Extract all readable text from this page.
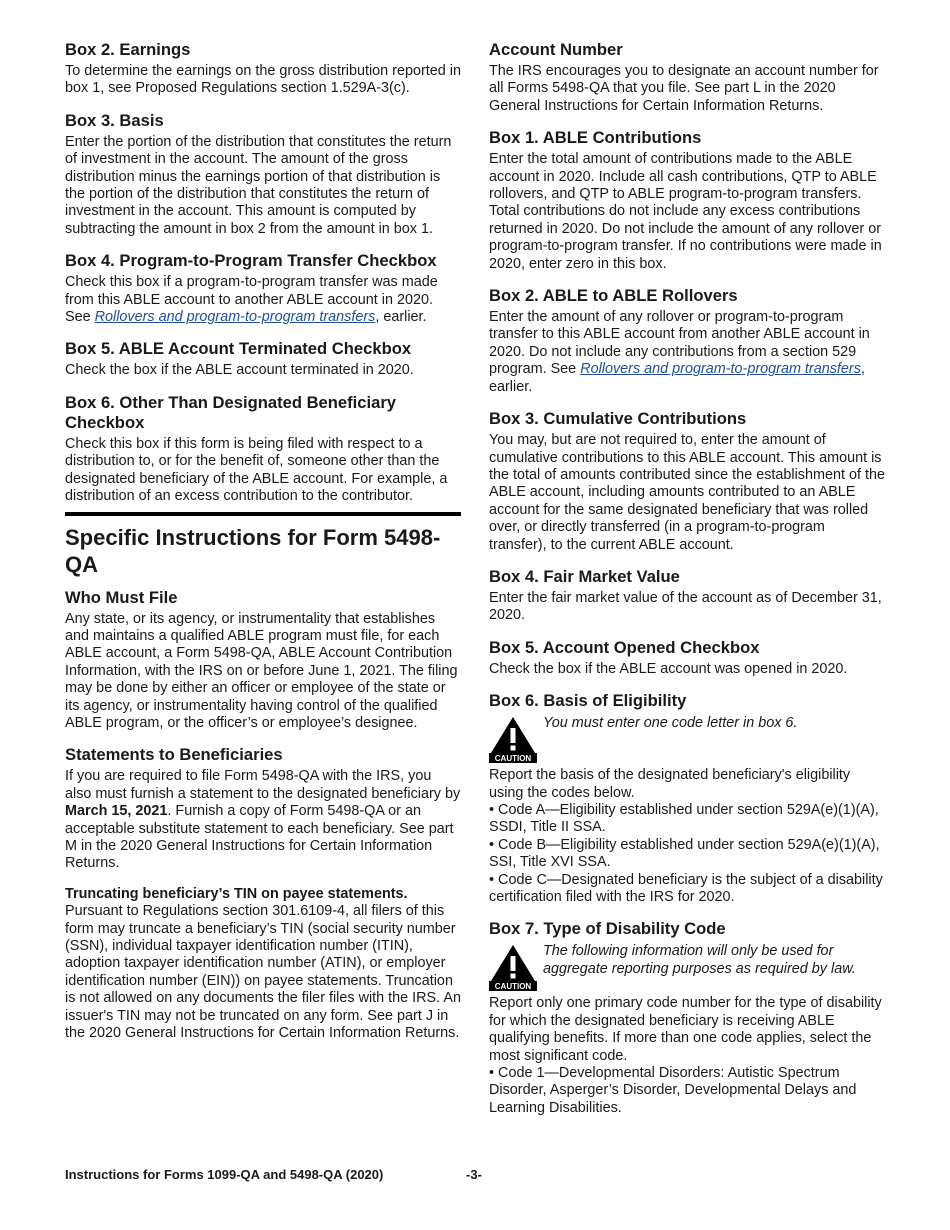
Box 2. Earnings

To determine the earnings on the gross distribution reported in box 1, see Proposed Regulations section 1.529A-3(c).

Box 3. Basis

Enter the portion of the distribution that constitutes the return of investment in the account. The amount of the gross distribution minus the earnings portion of that distribution is the portion of the distribution that constitutes the return of investment in the account. This amount is computed by subtracting the amount in box 2 from the amount in box 1.

Box 4. Program-to-Program Transfer Checkbox

Check this box if a program-to-program transfer was made from this ABLE account to another ABLE account in 2020. See Rollovers and program-to-program transfers, earlier.

Box 5. ABLE Account Terminated Checkbox

Check the box if the ABLE account terminated in 2020.

Box 6. Other Than Designated Beneficiary Checkbox

Check this box if this form is being filed with respect to a distribution to, or for the benefit of, someone other than the designated beneficiary of the ABLE account. For example, a distribution of an excess contribution to the contributor.

Specific Instructions for Form 5498-QA
Who Must File

Any state, or its agency, or instrumentality that establishes and maintains a qualified ABLE program must file, for each ABLE account, a Form 5498-QA, ABLE Account Contribution Information, with the IRS on or before June 1, 2021. The filing may be done by either an officer or employee of the state or its agency, or instrumentality having control of the qualified ABLE program, or the officer’s or employee’s designee.

Statements to Beneficiaries

If you are required to file Form 5498-QA with the IRS, you also must furnish a statement to the designated beneficiary by March 15, 2021. Furnish a copy of Form 5498-QA or an acceptable substitute statement to each beneficiary. See part M in the 2020 General Instructions for Certain Information Returns.

Truncating beneficiary’s TIN on payee statements. Pursuant to Regulations section 301.6109-4, all filers of this form may truncate a beneficiary’s TIN (social security number (SSN), individual taxpayer identification number (ITIN), adoption taxpayer identification number (ATIN), or employer identification number (EIN)) on payee statements. Truncation is not allowed on any documents the filer files with the IRS. An issuer's TIN may not be truncated on any form. See part J in the 2020 General Instructions for Certain Information Returns.

Account Number

The IRS encourages you to designate an account number for all Forms 5498-QA that you file. See part L in the 2020 General Instructions for Certain Information Returns.

Box 1. ABLE Contributions

Enter the total amount of contributions made to the ABLE account in 2020. Include all cash contributions, QTP to ABLE rollovers, and QTP to ABLE program-to-program transfers. Total contributions do not include any excess contributions returned in 2020. Do not include the amount of any rollover or program-to-program transfer. If no contributions were made in 2020, enter zero in this box.

Box 2. ABLE to ABLE Rollovers

Enter the amount of any rollover or program-to-program transfer to this ABLE account from another ABLE account in 2020. Do not include any contributions from a section 529 program. See Rollovers and program-to-program transfers, earlier.

Box 3. Cumulative Contributions

You may, but are not required to, enter the amount of cumulative contributions to this ABLE account. This amount is the total of amounts contributed since the establishment of the ABLE account, including amounts contributed to an ABLE account for the same designated beneficiary that was rolled over, or directly transferred (in a program-to-program transfer), to the current ABLE account.

Box 4. Fair Market Value

Enter the fair market value of the account as of December 31, 2020.

Box 5. Account Opened Checkbox

Check the box if the ABLE account was opened in 2020.

Box 6. Basis of Eligibility
CAUTION

You must enter one code letter in box 6.

Report the basis of the designated beneficiary's eligibility using the codes below.

• Code A—Eligibility established under section 529A(e)(1)(A), SSDI, Title II SSA.
• Code B—Eligibility established under section 529A(e)(1)(A), SSI, Title XVI SSA.
• Code C—Designated beneficiary is the subject of a disability certification filed with the IRS for 2020.
Box 7. Type of Disability Code
CAUTION

The following information will only be used for aggregate reporting purposes as required by law.

Report only one primary code number for the type of disability for which the designated beneficiary is receiving ABLE qualifying benefits. If more than one code applies, select the most significant code.

• Code 1—Developmental Disorders: Autistic Spectrum Disorder, Asperger’s Disorder, Developmental Delays and Learning Disabilities.
Instructions for Forms 1099-QA and 5498-QA (2020)	-3-
